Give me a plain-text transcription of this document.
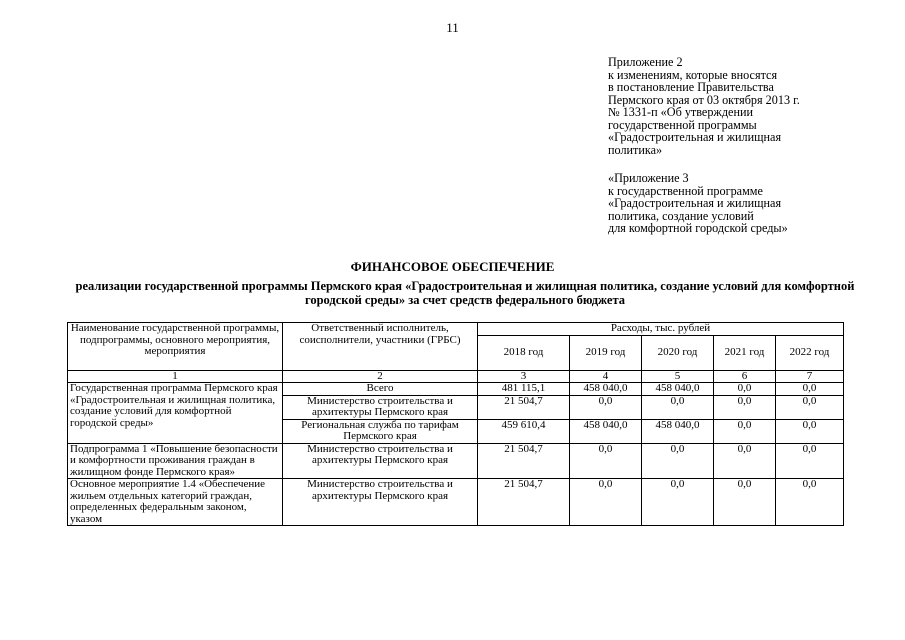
11
Приложение 2
к изменениям, которые вносятся
в постановление Правительства
Пермского края от 03 октября 2013 г.
№ 1331-п «Об утверждении
государственной программы
«Градостроительная и жилищная
политика»
«Приложение 3
к государственной программе
«Градостроительная и жилищная
политика, создание условий
для комфортной городской среды»
ФИНАНСОВОЕ ОБЕСПЕЧЕНИЕ
реализации государственной программы Пермского края «Градостроительная и жилищная политика, создание условий для комфортной городской среды» за счет средств федерального бюджета
Наименование государственной программы, подпрограммы, основного мероприятия, мероприятия	Ответственный исполнитель, соисполнители, участники (ГРБС)	Расходы, тыс. рублей				
		2018 год	2019 год	2020 год	2021 год	2022 год
1	2	3	4	5	6	7
Государственная программа Пермского края «Градостроительная и жилищная политика, создание условий для комфортной городской среды»	Всего	481 115,1	458 040,0	458 040,0	0,0	0,0
	Министерство строительства и архитектуры Пермского края	21 504,7	0,0	0,0	0,0	0,0
	Региональная служба по тарифам Пермского края	459 610,4	458 040,0	458 040,0	0,0	0,0
Подпрограмма 1 «Повышение безопасности и комфортности проживания граждан в жилищном фонде Пермского края»	Министерство строительства и архитектуры Пермского края	21 504,7	0,0	0,0	0,0	0,0
Основное мероприятие 1.4 «Обеспечение жильем отдельных категорий граждан, определенных федеральным законом, указом	Министерство строительства и архитектуры Пермского края	21 504,7	0,0	0,0	0,0	0,0
